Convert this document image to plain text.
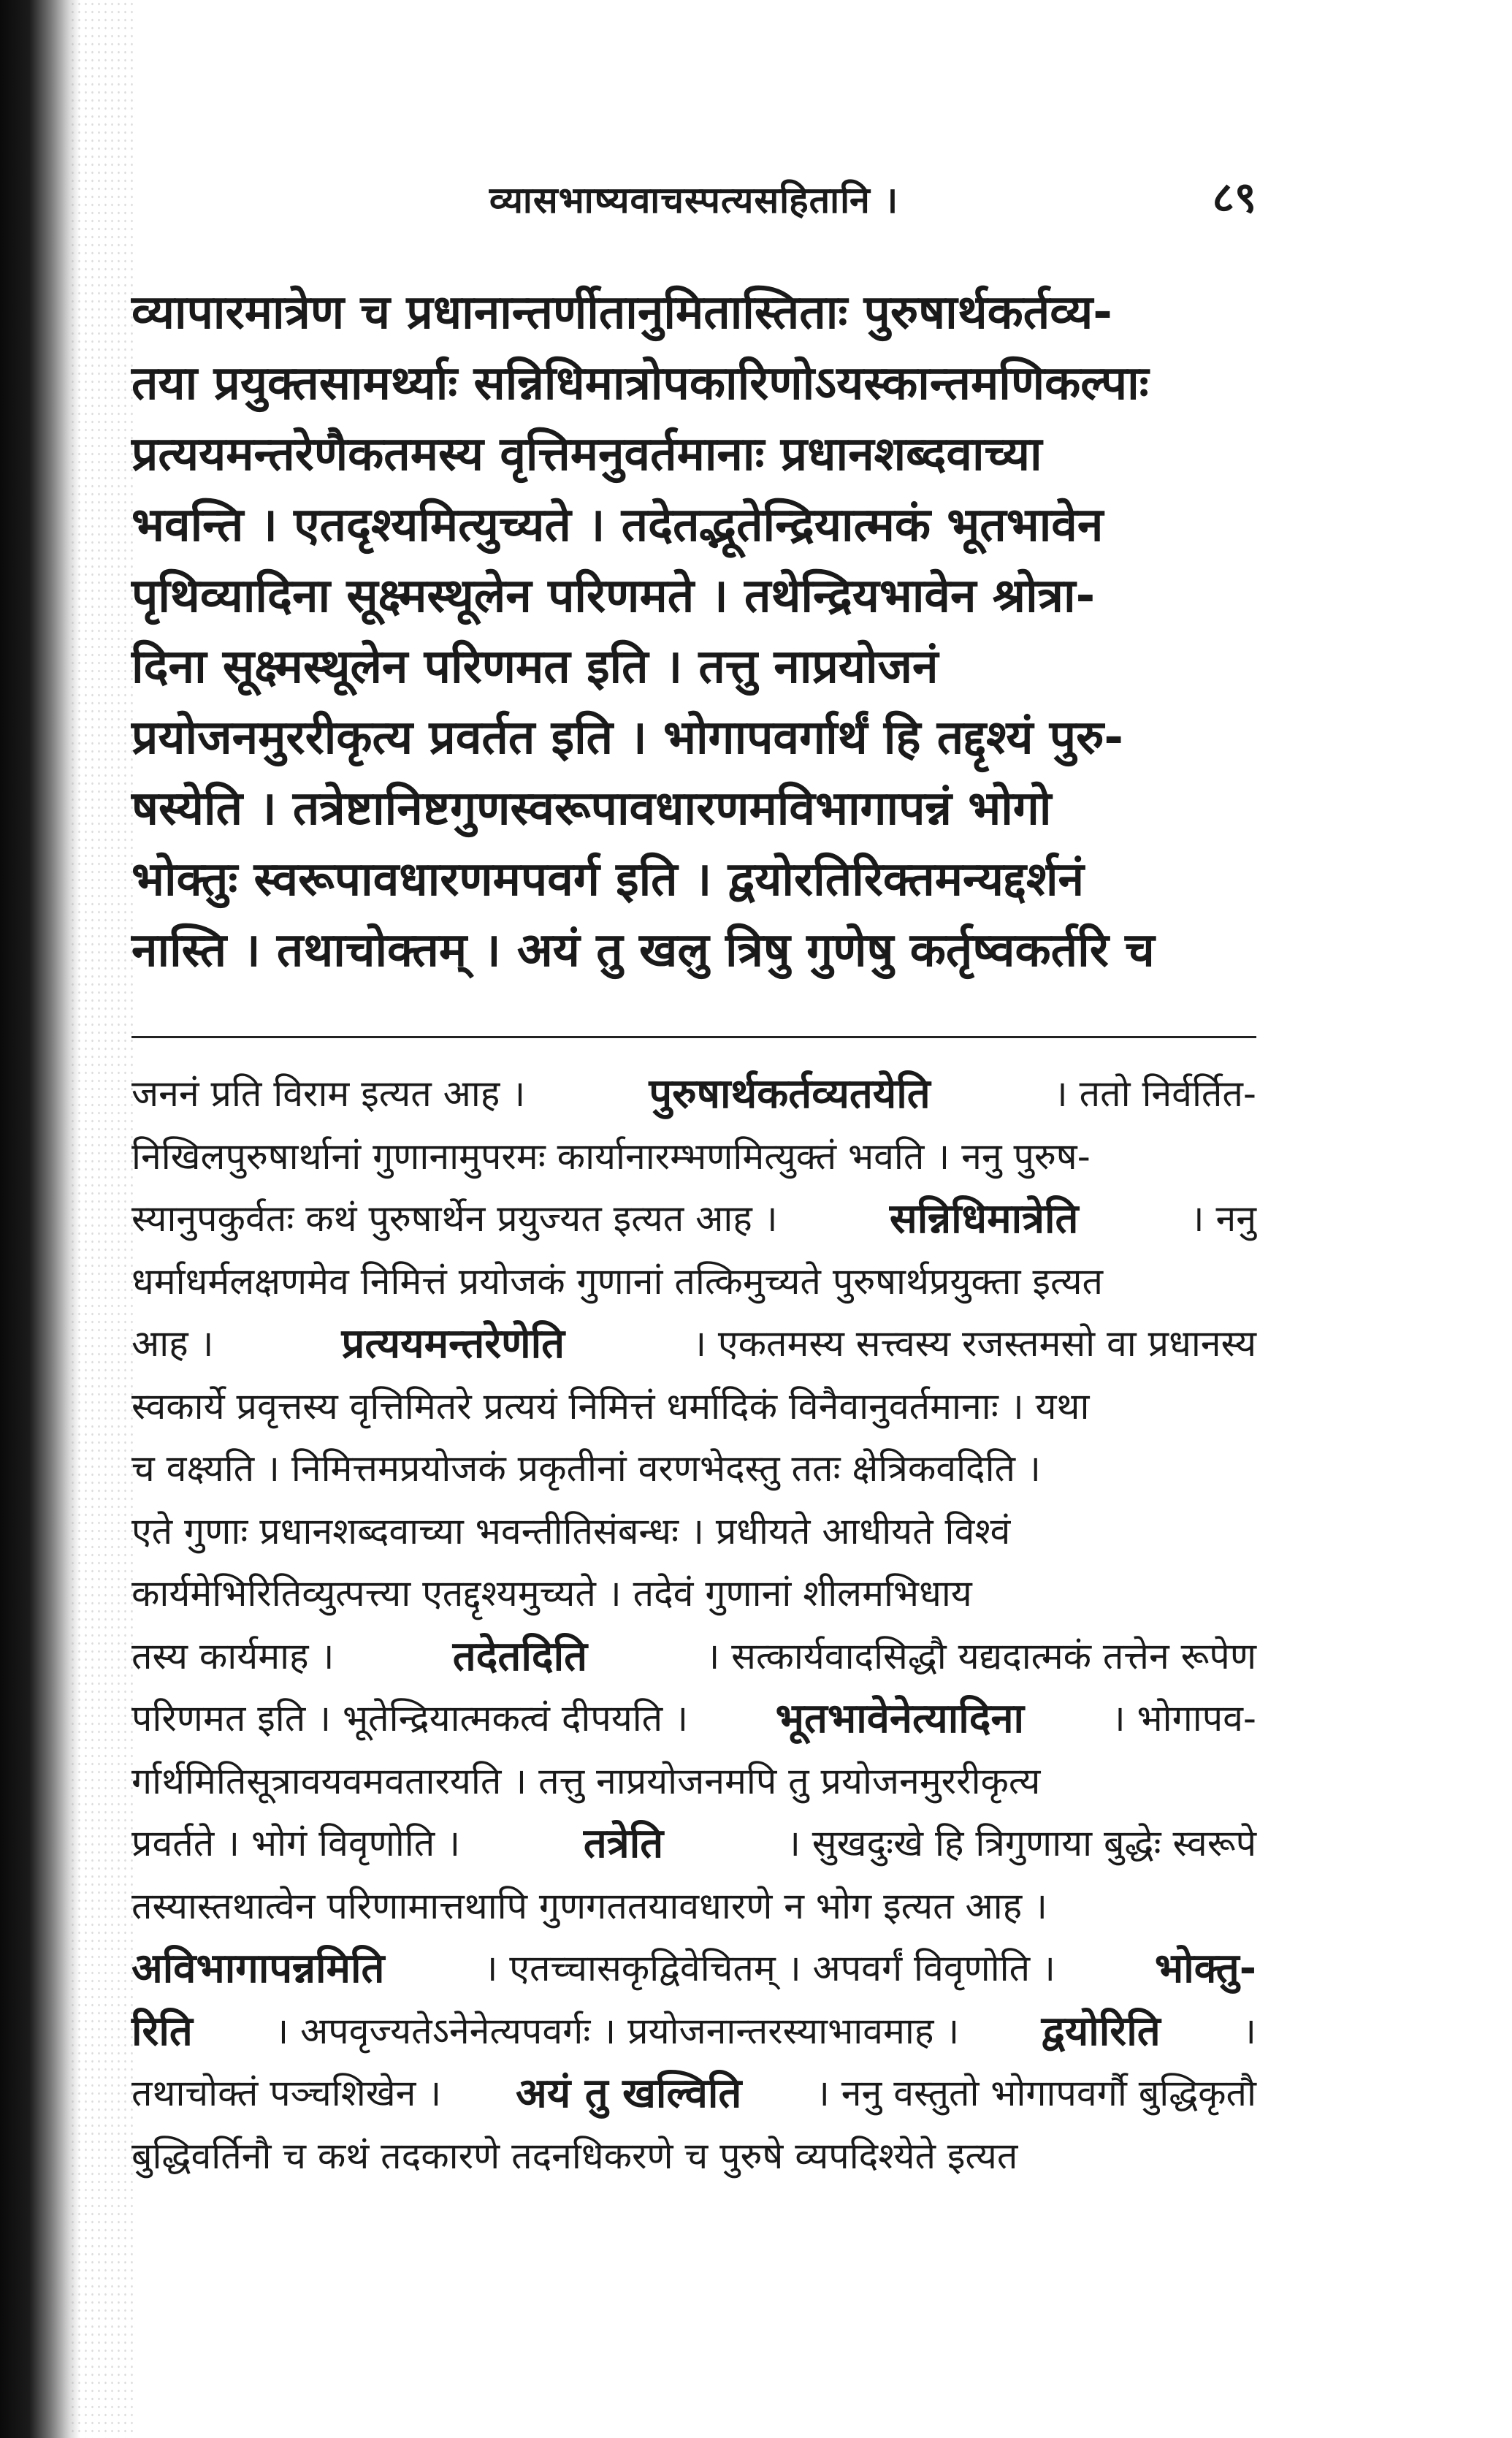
व्यासभाष्यवाचस्पत्यसहितानि ।	८९
व्यापारमात्रेण च प्रधानान्तर्णीतानुमितास्तिताः पुरुषार्थकर्तव्य-
तया प्रयुक्तसामर्थ्याः सन्निधिमात्रोपकारिणोऽयस्कान्तमणिकल्पाः
प्रत्ययमन्तरेणैकतमस्य वृत्तिमनुवर्तमानाः प्रधानशब्दवाच्या
भवन्ति । एतदृश्यमित्युच्यते । तदेतद्भूतेन्द्रियात्मकं भूतभावेन
पृथिव्यादिना सूक्ष्मस्थूलेन परिणमते । तथेन्द्रियभावेन श्रोत्रा-
दिना सूक्ष्मस्थूलेन परिणमत इति । तत्तु नाप्रयोजनं
प्रयोजनमुररीकृत्य प्रवर्तत इति । भोगापवर्गार्थं हि तद्दृश्यं पुरु-
षस्येति । तत्रेष्टानिष्टगुणस्वरूपावधारणमविभागापन्नं भोगो
भोक्तुः स्वरूपावधारणमपवर्ग इति । द्वयोरतिरिक्तमन्यद्दर्शनं
नास्ति । तथाचोक्तम् । अयं तु खलु त्रिषु गुणेषु कर्तृष्वकर्तरि च
जननं प्रति विराम इत्यत आह ।	पुरुषार्थकर्तव्यतयेति	। ततो निर्वर्तित-
निखिलपुरुषार्थानां गुणानामुपरमः कार्यानारम्भणमित्युक्तं भवति । ननु पुरुष-
स्यानुपकुर्वतः कथं पुरुषार्थेन प्रयुज्यत इत्यत आह ।	सन्निधिमात्रेति	। ननु
धर्माधर्मलक्षणमेव निमित्तं प्रयोजकं गुणानां तत्किमुच्यते पुरुषार्थप्रयुक्ता इत्यत
आह ।	प्रत्ययमन्तरेणेति	। एकतमस्य सत्त्वस्य रजस्तमसो वा प्रधानस्य
स्वकार्ये प्रवृत्तस्य वृत्तिमितरे प्रत्ययं निमित्तं धर्मादिकं विनैवानुवर्तमानाः । यथा
च वक्ष्यति । निमित्तमप्रयोजकं प्रकृतीनां वरणभेदस्तु ततः क्षेत्रिकवदिति ।
एते गुणाः प्रधानशब्दवाच्या भवन्तीतिसंबन्धः । प्रधीयते आधीयते विश्वं
कार्यमेभिरितिव्युत्पत्त्या एतद्दृश्यमुच्यते । तदेवं गुणानां शीलमभिधाय
तस्य कार्यमाह ।	तदेतदिति	। सत्कार्यवादसिद्धौ यद्यदात्मकं तत्तेन रूपेण
परिणमत इति । भूतेन्द्रियात्मकत्वं दीपयति । भूतभावेनेत्यादिना । भोगापव-
र्गार्थमितिसूत्रावयवमवतारयति । तत्तु नाप्रयोजनमपि तु प्रयोजनमुररीकृत्य
प्रवर्तते । भोगं विवृणोति ।	तत्रेति	। सुखदुःखे हि त्रिगुणाया बुद्धेः स्वरूपे
तस्यास्तथात्वेन परिणामात्तथापि गुणगततयावधारणे न भोग इत्यत आह ।
अविभागापन्नमिति	। एतच्चासकृद्विवेचितम् । अपवर्गं विवृणोति । भोक्तु-
रिति । अपवृज्यतेऽनेनेत्यपवर्गः । प्रयोजनान्तरस्याभावमाह । द्वयोरिति ।
तथाचोक्तं पञ्चशिखेन । अयं तु खल्विति । ननु वस्तुतो भोगापवर्गौ बुद्धिकृतौ
बुद्धिवर्तिनौ च कथं तदकारणे तदनधिकरणे च पुरुषे व्यपदिश्येते इत्यत
